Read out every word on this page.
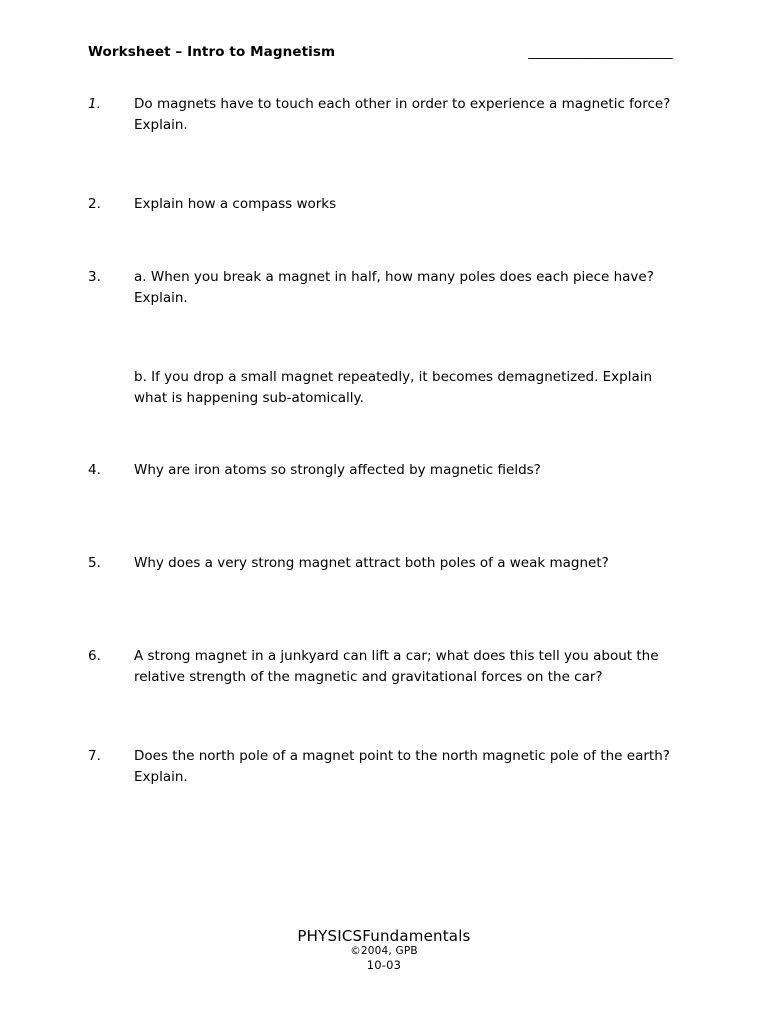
Worksheet – Intro to Magnetism	_______________________
1.	Do magnets have to touch each other in order to experience a magnetic force? Explain.
2.	Explain how a compass works
3.	a. When you break a magnet in half, how many poles does each piece have? Explain.
b. If you drop a small magnet repeatedly, it becomes demagnetized. Explain what is happening sub-atomically.
4.	Why are iron atoms so strongly affected by magnetic fields?
5.	Why does a very strong magnet attract both poles of a weak magnet?
6.	A strong magnet in a junkyard can lift a car; what does this tell you about the relative strength of the magnetic and gravitational forces on the car?
7.	Does the north pole of a magnet point to the north magnetic pole of the earth? Explain.
PHYSICSFundamentals
©2004, GPB
10-03
